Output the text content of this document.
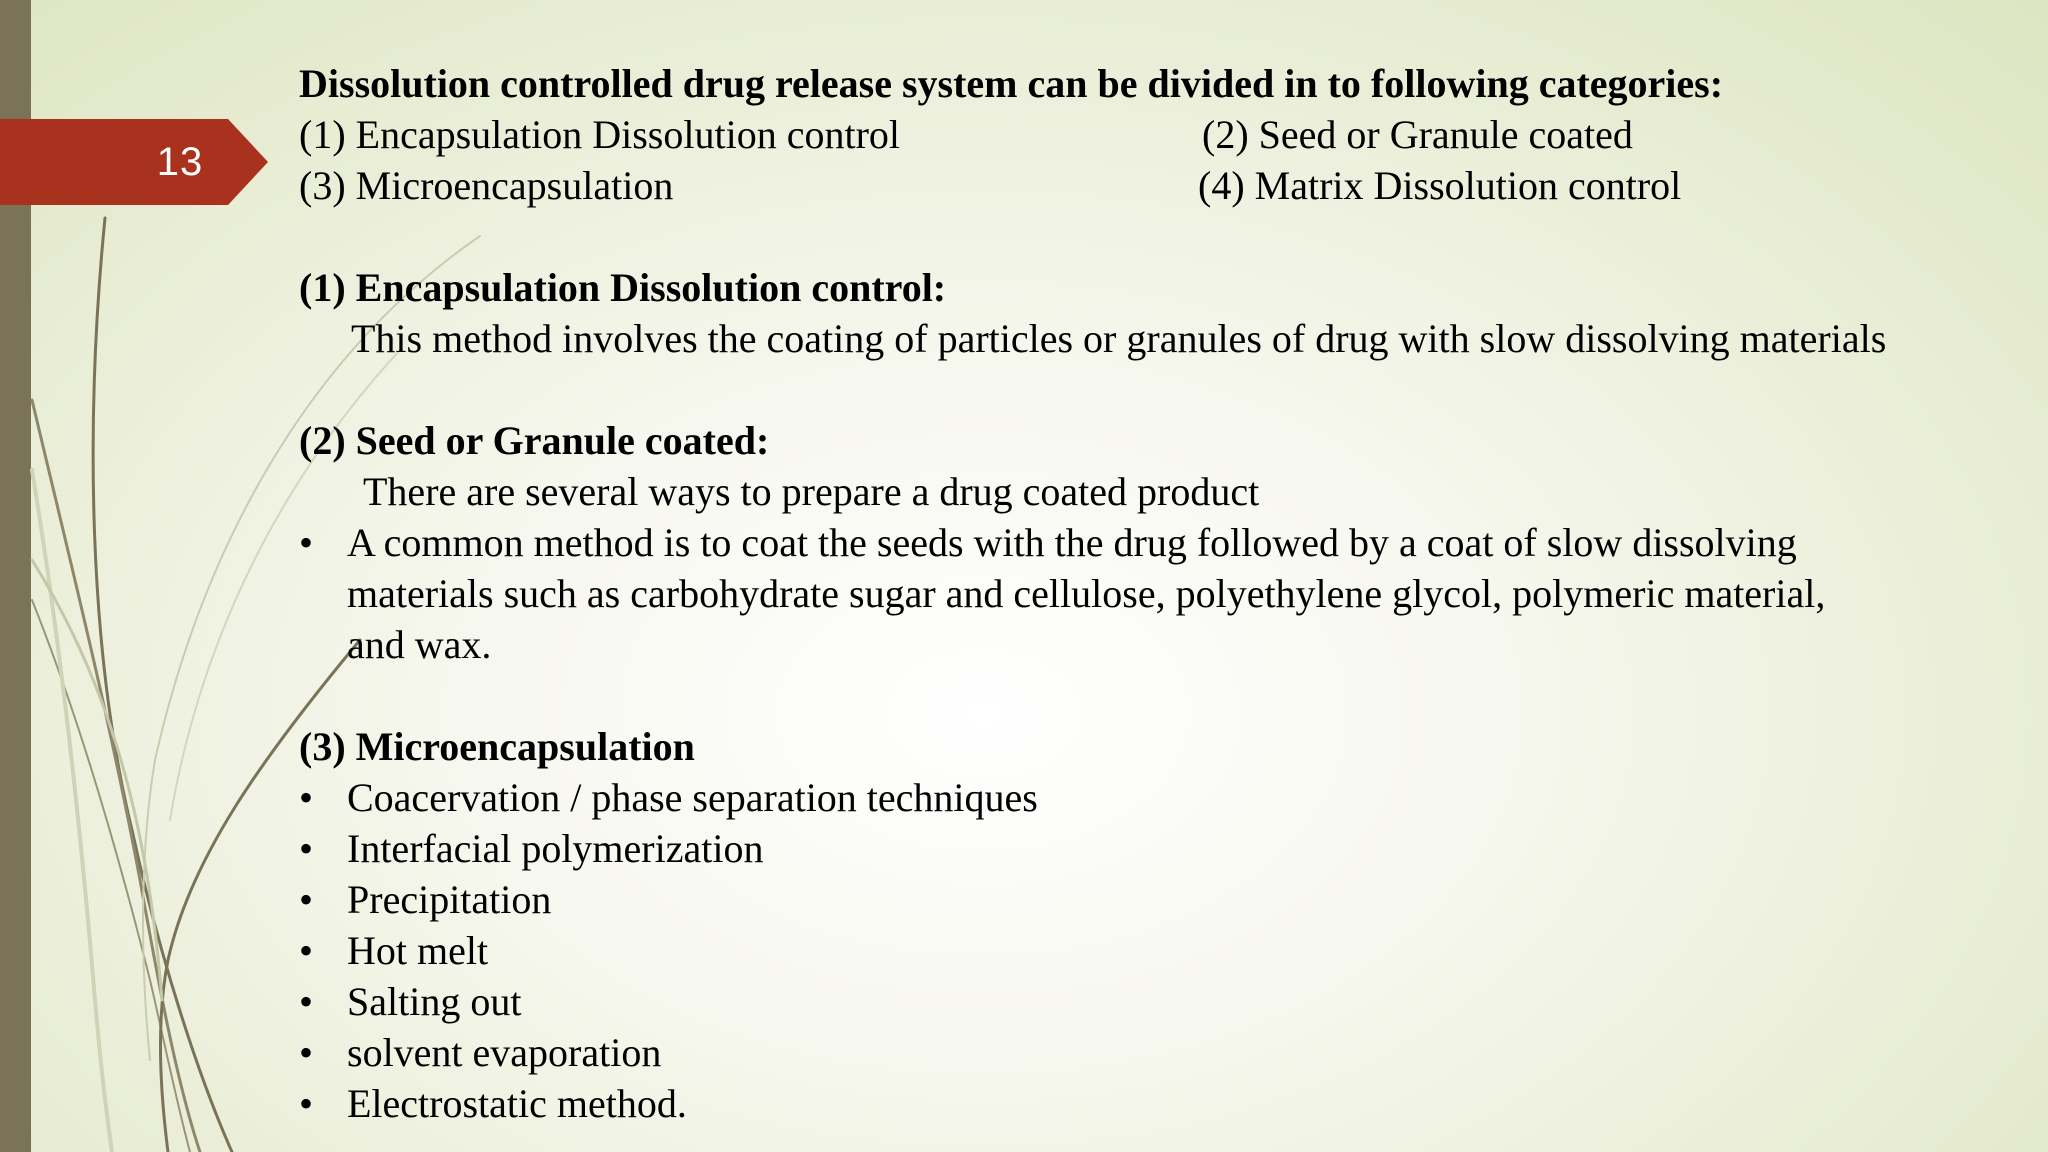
13
Dissolution controlled drug release system can be divided in to following categories:
(1) Encapsulation Dissolution control	(2) Seed or Granule coated
(3) Microencapsulation	(4) Matrix Dissolution control
(1) Encapsulation Dissolution control:
This method involves the coating of particles or granules of drug with slow dissolving materials
(2) Seed or Granule coated:
There are several ways to prepare a drug coated product
• A common method is to coat the seeds with the drug followed by a coat of slow dissolving
materials such as carbohydrate sugar and cellulose, polyethylene glycol, polymeric material,
and wax.
(3) Microencapsulation
• Coacervation / phase separation techniques
• Interfacial polymerization
• Precipitation
• Hot melt
• Salting out
• solvent evaporation
• Electrostatic method.
